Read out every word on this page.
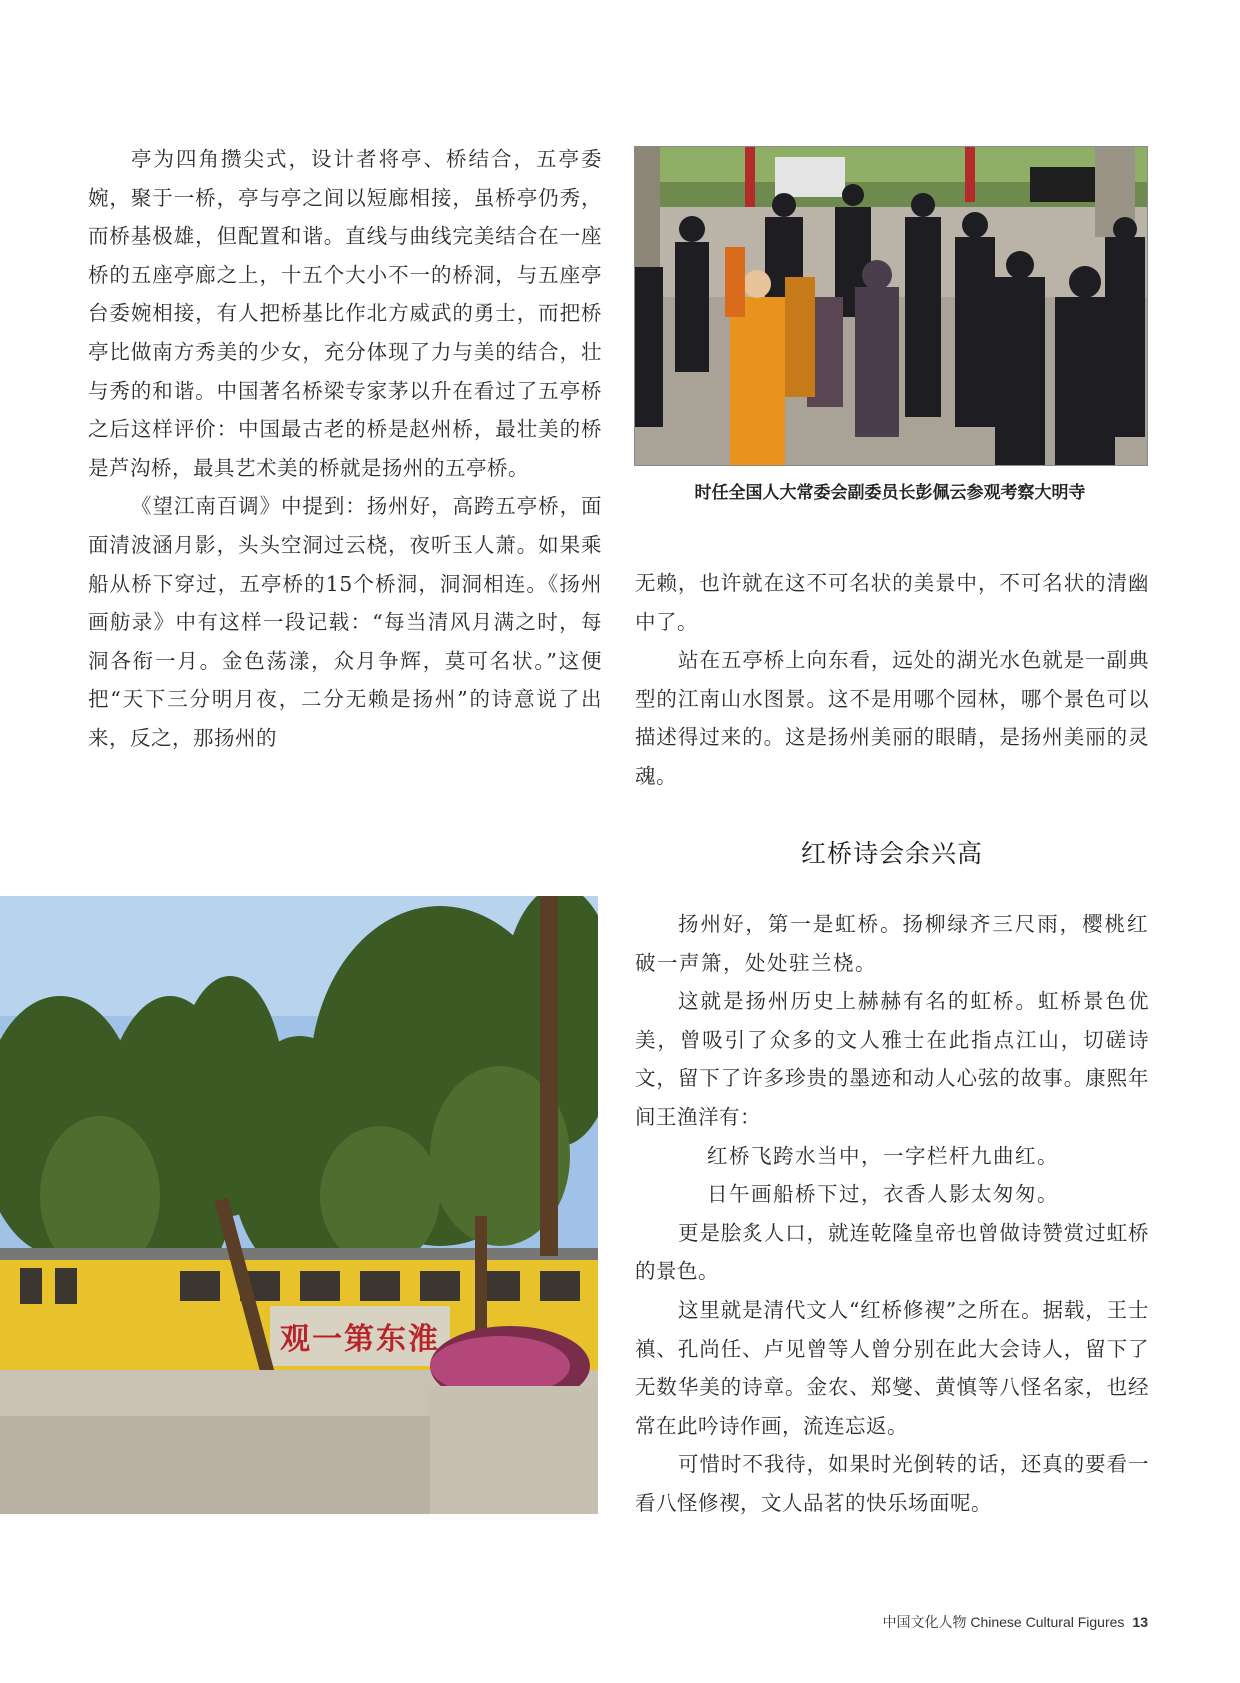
亭为四角攒尖式，设计者将亭、桥结合，五亭委婉，聚于一桥，亭与亭之间以短廊相接，虽桥亭仍秀，而桥基极雄，但配置和谐。直线与曲线完美结合在一座桥的五座亭廊之上，十五个大小不一的桥洞，与五座亭台委婉相接，有人把桥基比作北方威武的勇士，而把桥亭比做南方秀美的少女，充分体现了力与美的结合，壮与秀的和谐。中国著名桥梁专家茅以升在看过了五亭桥之后这样评价：中国最古老的桥是赵州桥，最壮美的桥是芦沟桥，最具艺术美的桥就是扬州的五亭桥。

《望江南百调》中提到：扬州好，高跨五亭桥，面面清波涵月影，头头空洞过云桡，夜听玉人萧。如果乘船从桥下穿过，五亭桥的15个桥洞，洞洞相连。《扬州画舫录》中有这样一段记载：“每当清风月满之时，每洞各衔一月。金色荡漾，众月争辉，莫可名状。”这便把“天下三分明月夜，二分无赖是扬州”的诗意说了出来，反之，那扬州的

时任全国人大常委会副委员长彭佩云参观考察大明寺

无赖，也许就在这不可名状的美景中，不可名状的清幽中了。

站在五亭桥上向东看，远处的湖光水色就是一副典型的江南山水图景。这不是用哪个园林，哪个景色可以描述得过来的。这是扬州美丽的眼睛，是扬州美丽的灵魂。

红桥诗会余兴高
淮东第一观

扬州好，第一是虹桥。扬柳绿齐三尺雨，樱桃红破一声箫，处处驻兰桡。

这就是扬州历史上赫赫有名的虹桥。虹桥景色优美，曾吸引了众多的文人雅士在此指点江山，切磋诗文，留下了许多珍贵的墨迹和动人心弦的故事。康熙年间王渔洋有：

红桥飞跨水当中，一字栏杆九曲红。

日午画船桥下过，衣香人影太匆匆。

更是脍炙人口，就连乾隆皇帝也曾做诗赞赏过虹桥的景色。

这里就是清代文人“红桥修禊”之所在。据载，王士禛、孔尚任、卢见曾等人曾分别在此大会诗人，留下了无数华美的诗章。金农、郑燮、黄慎等八怪名家，也经常在此吟诗作画，流连忘返。

可惜时不我待，如果时光倒转的话，还真的要看一看八怪修禊，文人品茗的快乐场面呢。

中国文化人物 Chinese Cultural Figures 13
